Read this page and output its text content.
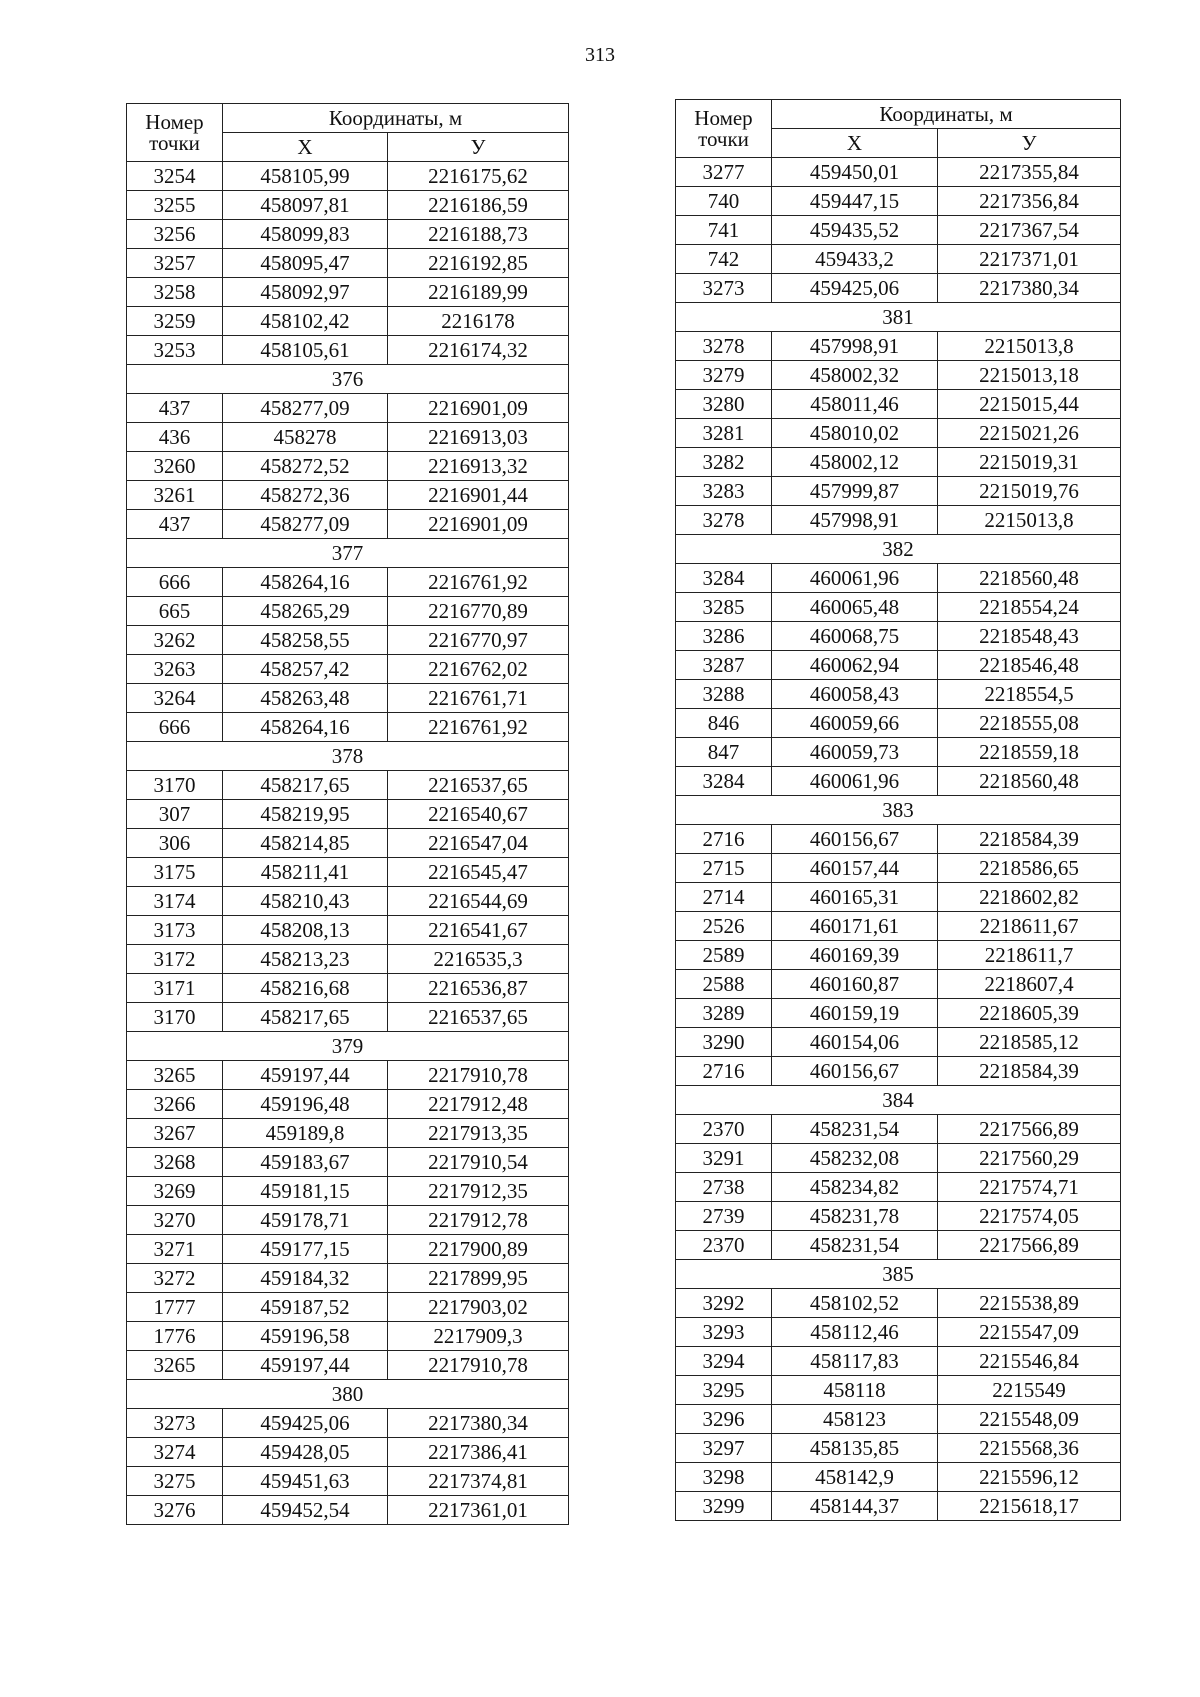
313
Номер
точки	Координаты, м	
	X	У
3254	458105,99	2216175,62
3255	458097,81	2216186,59
3256	458099,83	2216188,73
3257	458095,47	2216192,85
3258	458092,97	2216189,99
3259	458102,42	2216178
3253	458105,61	2216174,32
376		
437	458277,09	2216901,09
436	458278	2216913,03
3260	458272,52	2216913,32
3261	458272,36	2216901,44
437	458277,09	2216901,09
377		
666	458264,16	2216761,92
665	458265,29	2216770,89
3262	458258,55	2216770,97
3263	458257,42	2216762,02
3264	458263,48	2216761,71
666	458264,16	2216761,92
378		
3170	458217,65	2216537,65
307	458219,95	2216540,67
306	458214,85	2216547,04
3175	458211,41	2216545,47
3174	458210,43	2216544,69
3173	458208,13	2216541,67
3172	458213,23	2216535,3
3171	458216,68	2216536,87
3170	458217,65	2216537,65
379		
3265	459197,44	2217910,78
3266	459196,48	2217912,48
3267	459189,8	2217913,35
3268	459183,67	2217910,54
3269	459181,15	2217912,35
3270	459178,71	2217912,78
3271	459177,15	2217900,89
3272	459184,32	2217899,95
1777	459187,52	2217903,02
1776	459196,58	2217909,3
3265	459197,44	2217910,78
380		
3273	459425,06	2217380,34
3274	459428,05	2217386,41
3275	459451,63	2217374,81
3276	459452,54	2217361,01
Номер
точки	Координаты, м	
	X	У
3277	459450,01	2217355,84
740	459447,15	2217356,84
741	459435,52	2217367,54
742	459433,2	2217371,01
3273	459425,06	2217380,34
381		
3278	457998,91	2215013,8
3279	458002,32	2215013,18
3280	458011,46	2215015,44
3281	458010,02	2215021,26
3282	458002,12	2215019,31
3283	457999,87	2215019,76
3278	457998,91	2215013,8
382		
3284	460061,96	2218560,48
3285	460065,48	2218554,24
3286	460068,75	2218548,43
3287	460062,94	2218546,48
3288	460058,43	2218554,5
846	460059,66	2218555,08
847	460059,73	2218559,18
3284	460061,96	2218560,48
383		
2716	460156,67	2218584,39
2715	460157,44	2218586,65
2714	460165,31	2218602,82
2526	460171,61	2218611,67
2589	460169,39	2218611,7
2588	460160,87	2218607,4
3289	460159,19	2218605,39
3290	460154,06	2218585,12
2716	460156,67	2218584,39
384		
2370	458231,54	2217566,89
3291	458232,08	2217560,29
2738	458234,82	2217574,71
2739	458231,78	2217574,05
2370	458231,54	2217566,89
385		
3292	458102,52	2215538,89
3293	458112,46	2215547,09
3294	458117,83	2215546,84
3295	458118	2215549
3296	458123	2215548,09
3297	458135,85	2215568,36
3298	458142,9	2215596,12
3299	458144,37	2215618,17
